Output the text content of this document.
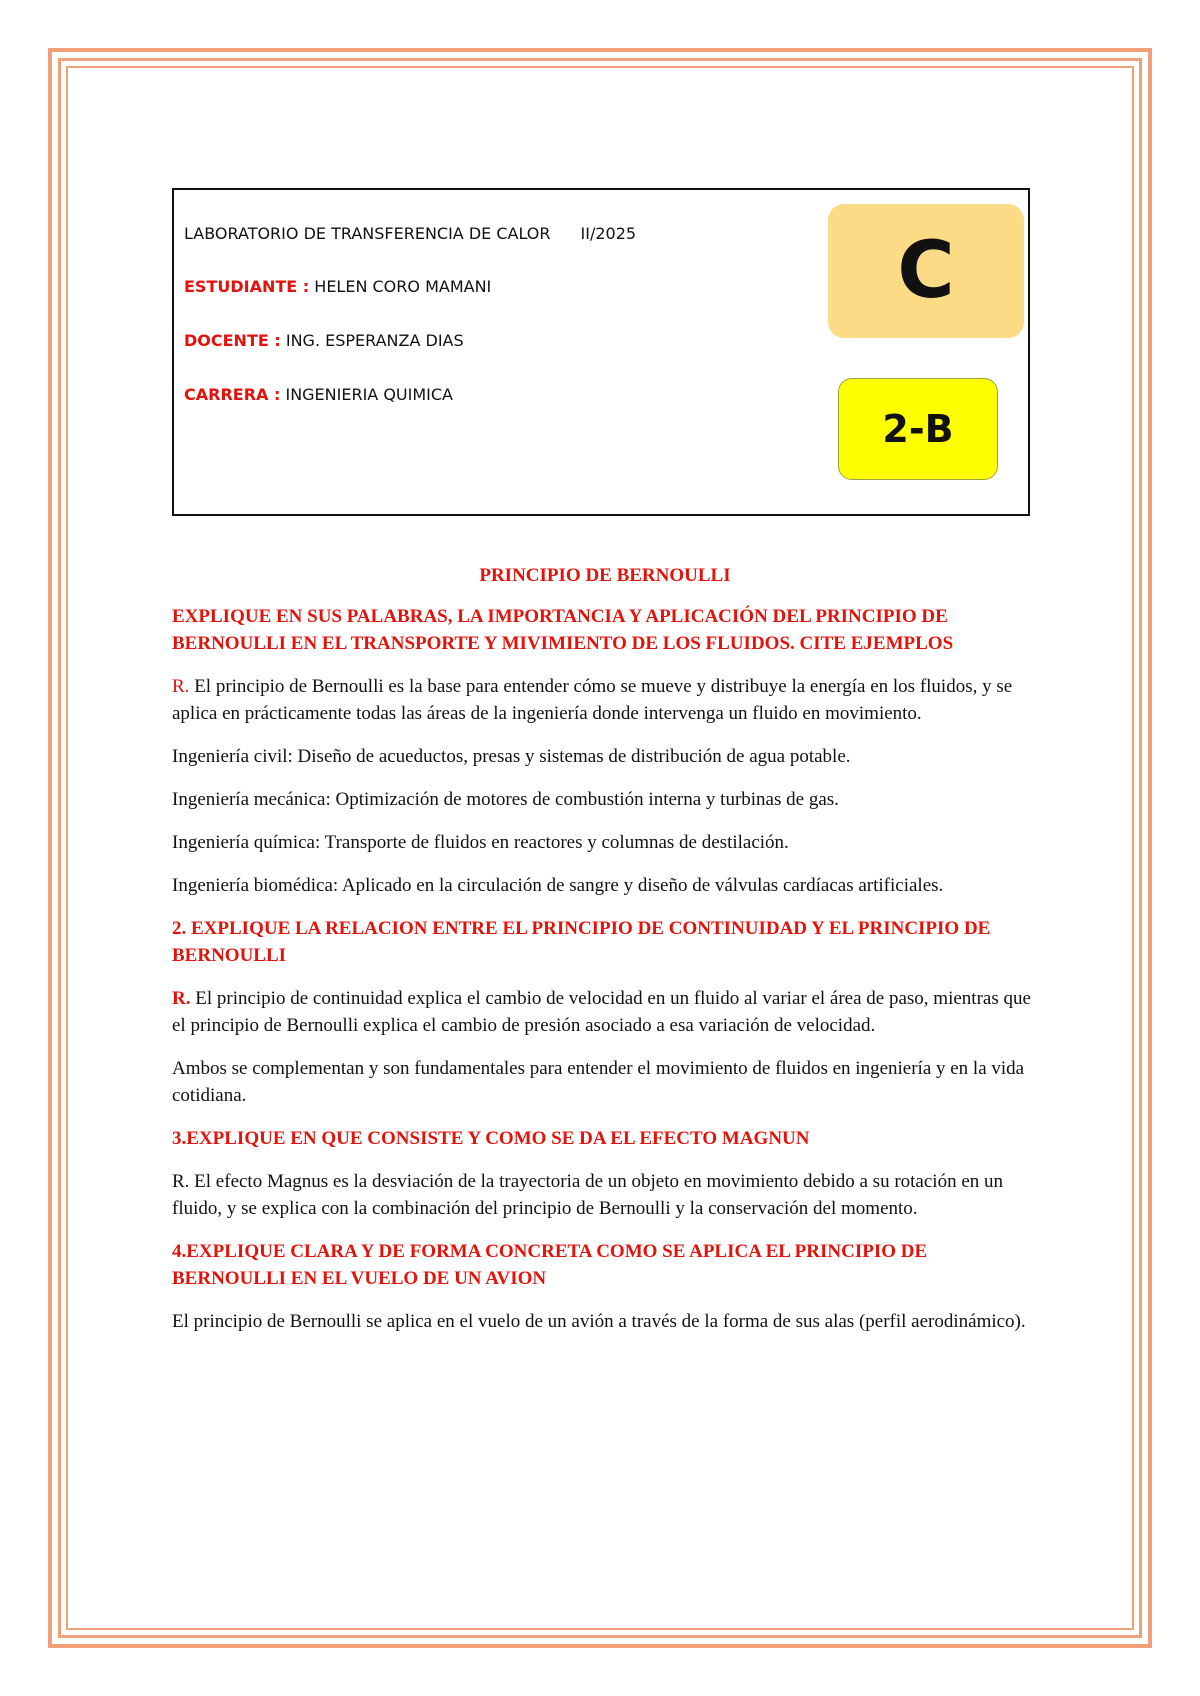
LABORATORIO DE TRANSFERENCIA DE CALOR II/2025
ESTUDIANTE : HELEN CORO MAMANI
DOCENTE : ING. ESPERANZA DIAS
CARRERA : INGENIERIA QUIMICA
C
2-B

PRINCIPIO DE BERNOULLI

EXPLIQUE EN SUS PALABRAS, LA IMPORTANCIA Y APLICACIÓN DEL PRINCIPIO DE BERNOULLI EN EL TRANSPORTE Y MIVIMIENTO DE LOS FLUIDOS. CITE EJEMPLOS

R. El principio de Bernoulli es la base para entender cómo se mueve y distribuye la energía en los fluidos, y se aplica en prácticamente todas las áreas de la ingeniería donde intervenga un fluido en movimiento.

Ingeniería civil: Diseño de acueductos, presas y sistemas de distribución de agua potable.

Ingeniería mecánica: Optimización de motores de combustión interna y turbinas de gas.

Ingeniería química: Transporte de fluidos en reactores y columnas de destilación.

Ingeniería biomédica: Aplicado en la circulación de sangre y diseño de válvulas cardíacas artificiales.

2. EXPLIQUE LA RELACION ENTRE EL PRINCIPIO DE CONTINUIDAD Y EL PRINCIPIO DE BERNOULLI

R. El principio de continuidad explica el cambio de velocidad en un fluido al variar el área de paso, mientras que el principio de Bernoulli explica el cambio de presión asociado a esa variación de velocidad.

Ambos se complementan y son fundamentales para entender el movimiento de fluidos en ingeniería y en la vida cotidiana.

3.EXPLIQUE EN QUE CONSISTE Y COMO SE DA EL EFECTO MAGNUN

R. El efecto Magnus es la desviación de la trayectoria de un objeto en movimiento debido a su rotación en un fluido, y se explica con la combinación del principio de Bernoulli y la conservación del momento.

4.EXPLIQUE CLARA Y DE FORMA CONCRETA COMO SE APLICA EL PRINCIPIO DE BERNOULLI EN EL VUELO DE UN AVION

El principio de Bernoulli se aplica en el vuelo de un avión a través de la forma de sus alas (perfil aerodinámico).
